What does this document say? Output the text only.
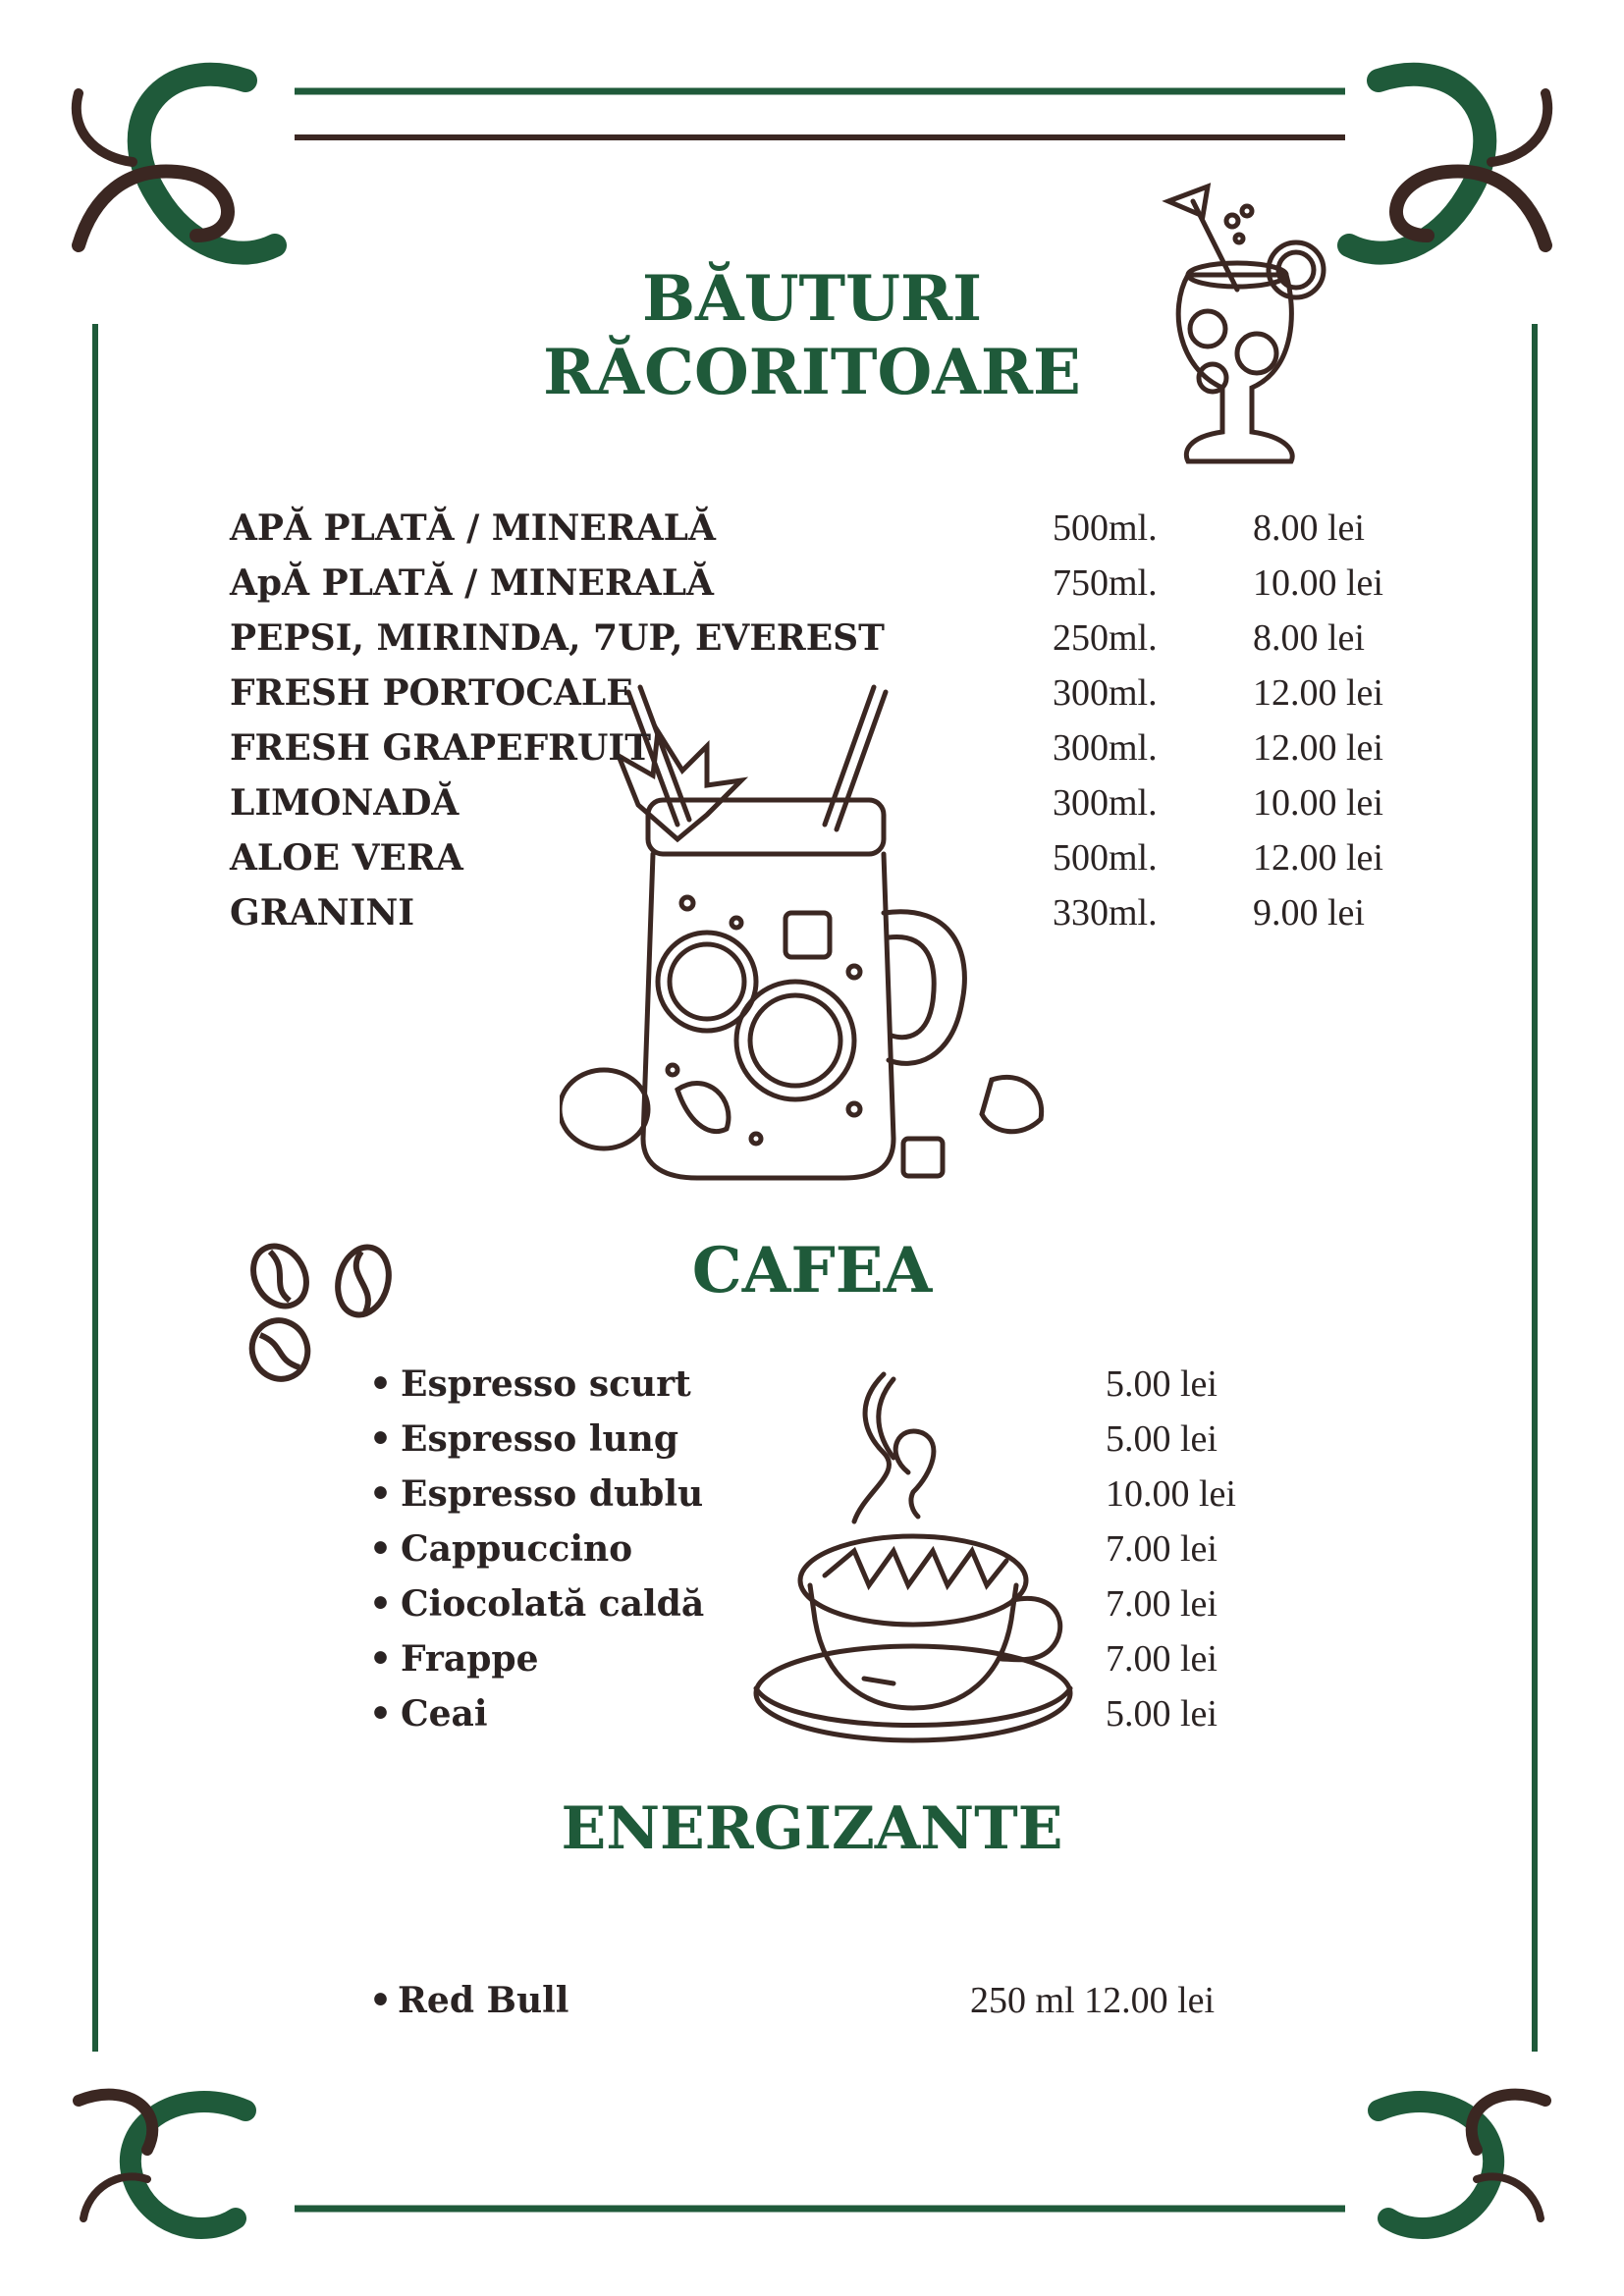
BĂUTURI
RĂCORITOARE
APĂ PLATĂ / MINERALĂ	500ml.	8.00 lei
ApĂ PLATĂ / MINERALĂ	750ml.	10.00 lei
PEPSI, MIRINDA, 7UP, EVEREST	250ml.	8.00 lei
FRESH PORTOCALE	300ml.	12.00 lei
FRESH GRAPEFRUIT	300ml.	12.00 lei
LIMONADĂ	300ml.	10.00 lei
ALOE VERA	500ml.	12.00 lei
GRANINI	330ml.	9.00 lei
CAFEA
• Espresso scurt	5.00 lei
• Espresso lung	5.00 lei
• Espresso dublu	10.00 lei
• Cappuccino	7.00 lei
• Ciocolată caldă	7.00 lei
• Frappe	7.00 lei
• Ceai	5.00 lei
ENERGIZANTE
• Red Bull	250 ml 12.00 lei
